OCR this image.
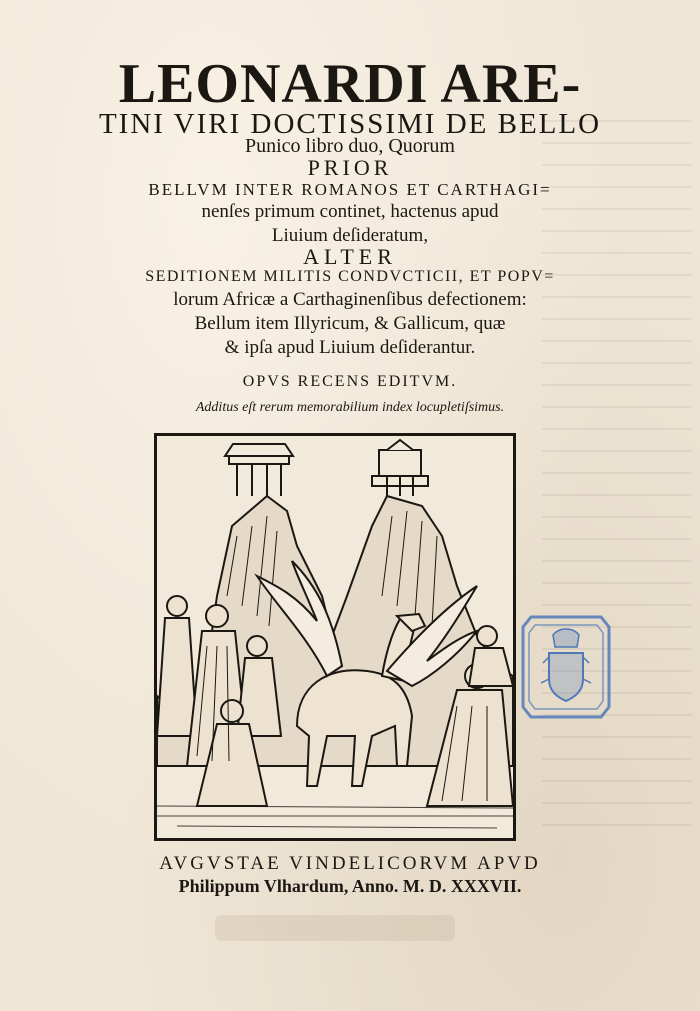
LEONARDI ARE-
TINI VIRI DOCTISSIMI DE BELLO
Punico libro duo, Quorum
PRIOR
BELLVM INTER ROMANOS ET CARTHAGI=
nenſes primum continet, hactenus apud
Liuium deſideratum,
ALTER
SEDITIONEM MILITIS CONDVCTICII, ET POPV=
lorum Africæ a Carthaginenſibus defectionem:
Bellum item Illyricum, & Gallicum, quæ
& ipſa apud Liuium deſiderantur.
OPVS RECENS EDITVM.
Additus eſt rerum memorabilium index locupletiſsimus.
AVGVSTAE VINDELICORVM APVD
Philippum Vlhardum, Anno. M. D. XXXVII.
